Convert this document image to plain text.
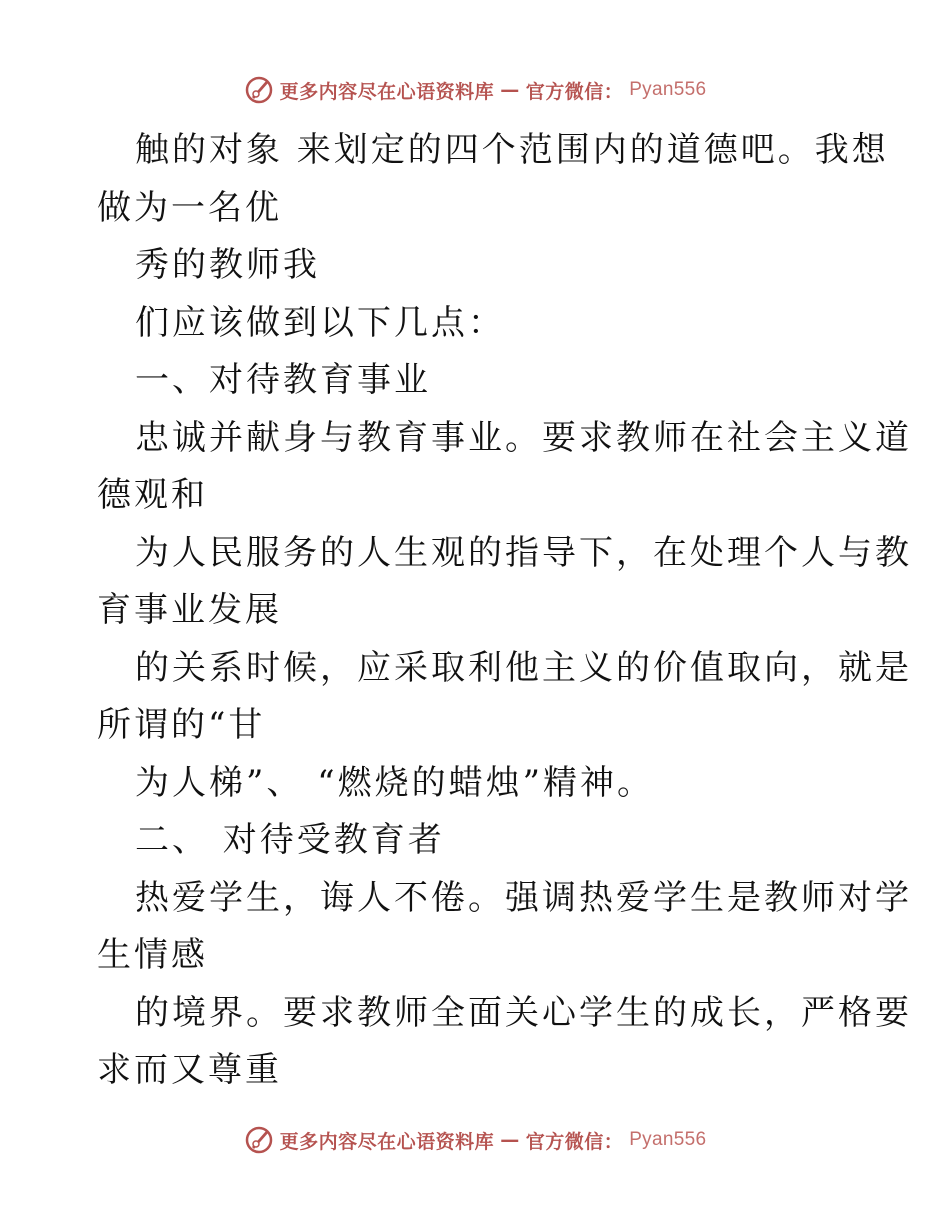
更多内容尽在心语资料库 — 官方微信： Pyan556
触的对象 来划定的四个范围内的道德吧。我想
做为一名优
秀的教师我
们应该做到以下几点：
一、对待教育事业
忠诚并献身与教育事业。要求教师在社会主义道
德观和
为人民服务的人生观的指导下，在处理个人与教
育事业发展
的关系时候，应采取利他主义的价值取向，就是
所谓的“甘
为人梯”、 “燃烧的蜡烛”精神。
二、 对待受教育者
热爱学生，诲人不倦。强调热爱学生是教师对学
生情感
的境界。要求教师全面关心学生的成长，严格要
求而又尊重
更多内容尽在心语资料库 — 官方微信： Pyan556
